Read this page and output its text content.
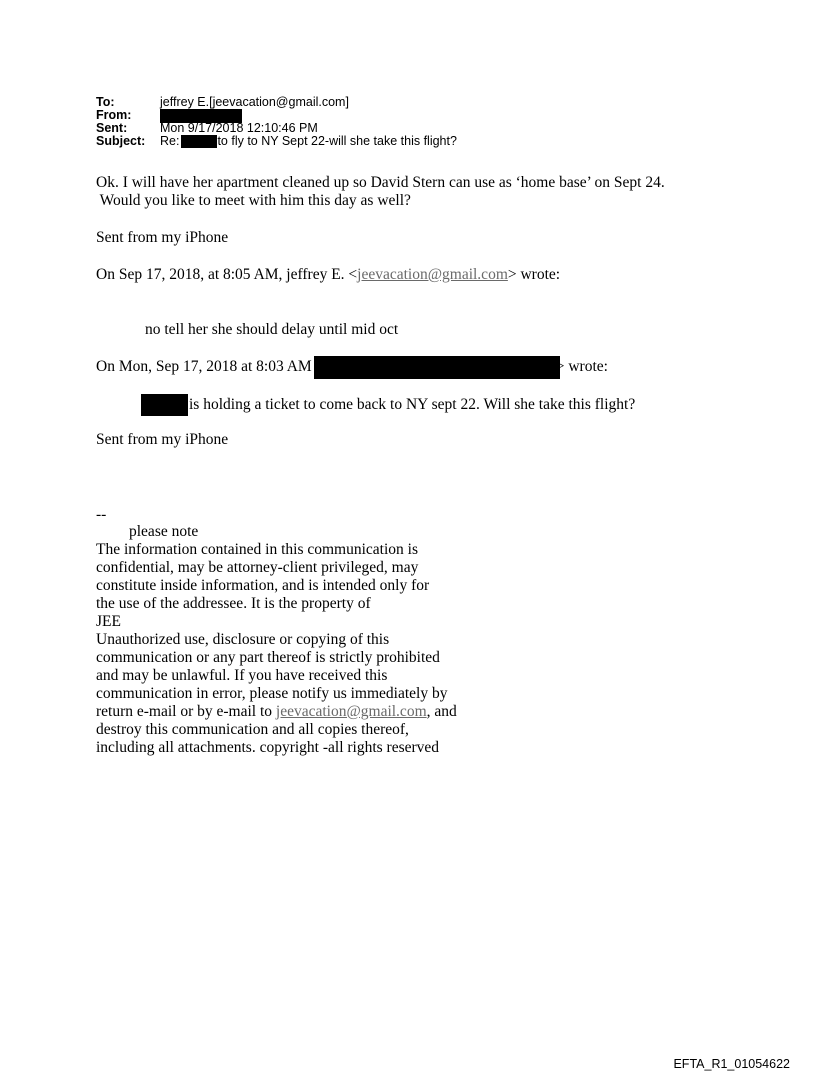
To:	jeffrey E.[jeevacation@gmail.com]
From:
Sent:	Mon 9/17/2018 12:10:46 PM
Subject: Re:	to fly to NY Sept 22-will she take this flight?
Ok. I will have her apartment cleaned up so David Stern can use as ‘home base’ on Sept 24.
Would you like to meet with him this day as well?
Sent from my iPhone
On Sep 17, 2018, at 8:05 AM, jeffrey E. <jeevacation@gmail.com> wrote:
no tell her she should delay until mid oct
On Mon, Sep 17, 2018 at 8:03 AM	> wrote:
is holding a ticket to come back to NY sept 22. Will she take this flight?
Sent from my iPhone
--
please note
The information contained in this communication is
confidential, may be attorney-client privileged, may
constitute inside information, and is intended only for
the use of the addressee. It is the property of
JEE
Unauthorized use, disclosure or copying of this
communication or any part thereof is strictly prohibited
and may be unlawful. If you have received this
communication in error, please notify us immediately by
return e-mail or by e-mail to jeevacation@gmail.com, and
destroy this communication and all copies thereof,
including all attachments. copyright -all rights reserved
EFTA_R1_01054622
